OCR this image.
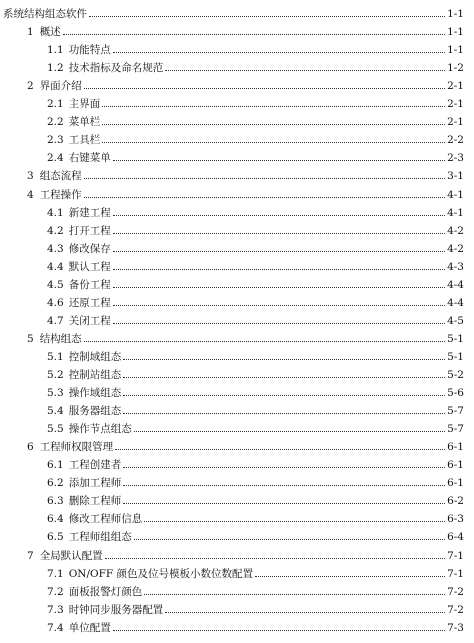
系统结构组态软件	1-1
1 概述	1-1
1.1 功能特点	1-1
1.2 技术指标及命名规范	1-2
2 界面介绍	2-1
2.1 主界面	2-1
2.2 菜单栏	2-1
2.3 工具栏	2-2
2.4 右键菜单	2-3
3 组态流程	3-1
4 工程操作	4-1
4.1 新建工程	4-1
4.2 打开工程	4-2
4.3 修改保存	4-2
4.4 默认工程	4-3
4.5 备份工程	4-4
4.6 还原工程	4-4
4.7 关闭工程	4-5
5 结构组态	5-1
5.1 控制域组态	5-1
5.2 控制站组态	5-2
5.3 操作域组态	5-6
5.4 服务器组态	5-7
5.5 操作节点组态	5-7
6 工程师权限管理	6-1
6.1 工程创建者	6-1
6.2 添加工程师	6-1
6.3 删除工程师	6-2
6.4 修改工程师信息	6-3
6.5 工程师组组态	6-4
7 全局默认配置	7-1
7.1 ON/OFF 颜色及位号模板小数位数配置	7-1
7.2 面板报警灯颜色	7-2
7.3 时钟同步服务器配置	7-2
7.4 单位配置	7-3
